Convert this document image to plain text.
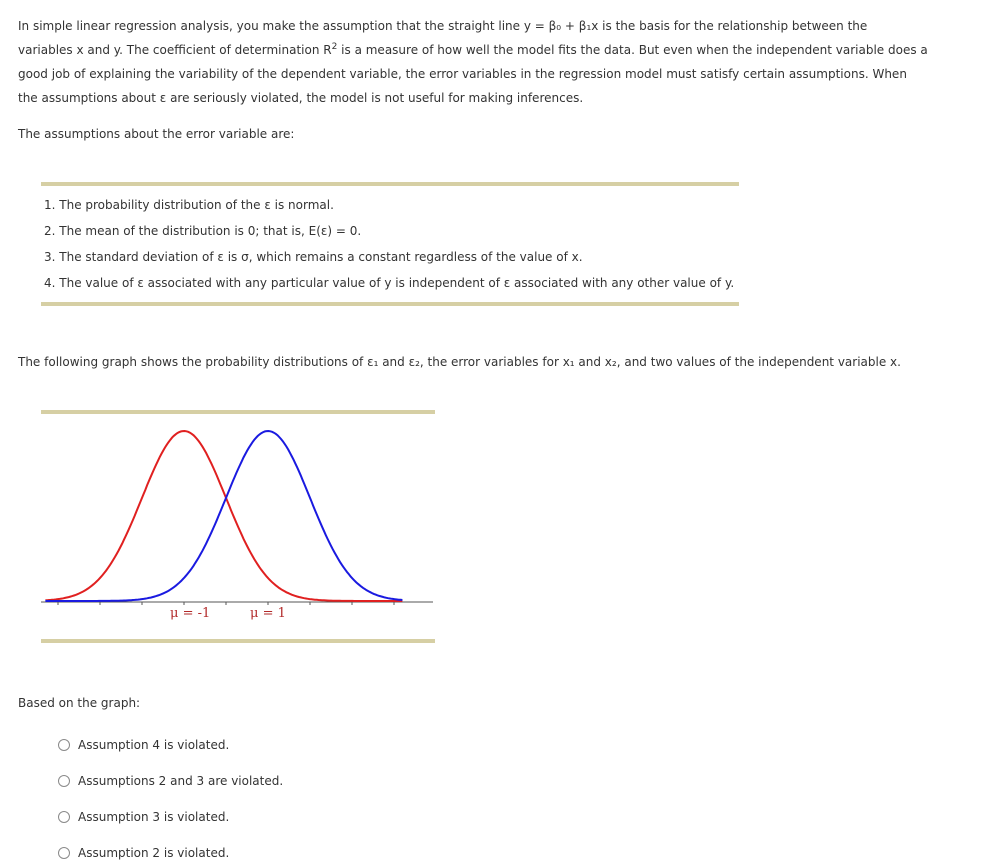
In simple linear regression analysis, you make the assumption that the straight line y = β₀ + β₁x is the basis for the relationship between the

variables x and y. The coefficient of determination $R^2$ is a measure of how well the model fits the data. But even when the independent variable does a

good job of explaining the variability of the dependent variable, the error variables in the regression model must satisfy certain assumptions. When

the assumptions about ε are seriously violated, the model is not useful for making inferences.

The assumptions about the error variable are:

1. The probability distribution of the ε is normal.

2. The mean of the distribution is 0; that is, E(ε) = 0.

3. The standard deviation of ε is σ, which remains a constant regardless of the value of x.

4. The value of ε associated with any particular value of y is independent of ε associated with any other value of y.

The following graph shows the probability distributions of ε₁ and ε₂, the error variables for x₁ and x₂, and two values of the independent variable x.

μ = -1	μ = 1

Based on the graph:

Assumption 4 is violated.
Assumptions 2 and 3 are violated.
Assumption 3 is violated.
Assumption 2 is violated.
